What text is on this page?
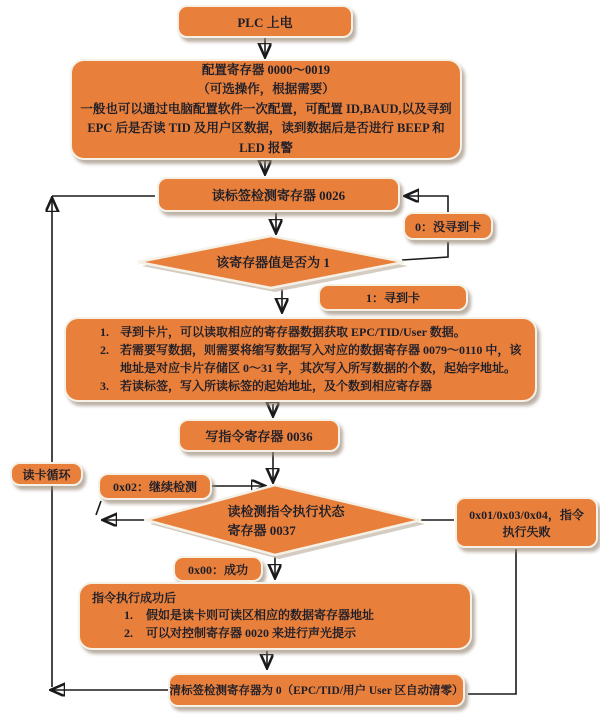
PLC 上电
配置寄存器 0000～0019
（可选操作，根据需要）
一般也可以通过电脑配置软件一次配置，可配置 ID,BAUD,以及寻到 EPC 后是否读 TID 及用户区数据，读到数据后是否进行 BEEP 和 LED 报警
读标签检测寄存器 0026
该寄存器值是否为 1
0：没寻到卡
1：寻到卡
1. 寻到卡片，可以读取相应的寄存器数据获取 EPC/TID/User 数据。
2. 若需要写数据，则需要将缩写数据写入对应的数据寄存器 0079～0110 中，该地址是对应卡片存储区 0～31 字，其次写入所写数据的个数，起始字地址。
3. 若读标签，写入所读标签的起始地址，及个数到相应寄存器
写指令寄存器 0036
读卡循环
0x02：继续检测
读检测指令执行状态
寄存器 0037
0x01/0x03/0x04，指令执行失败
0x00：成功
指令执行成功后
1. 假如是读卡则可读区相应的数据寄存器地址
2. 可以对控制寄存器 0020 来进行声光提示
清标签检测寄存器为 0（EPC/TID/用户 User 区自动清零）
